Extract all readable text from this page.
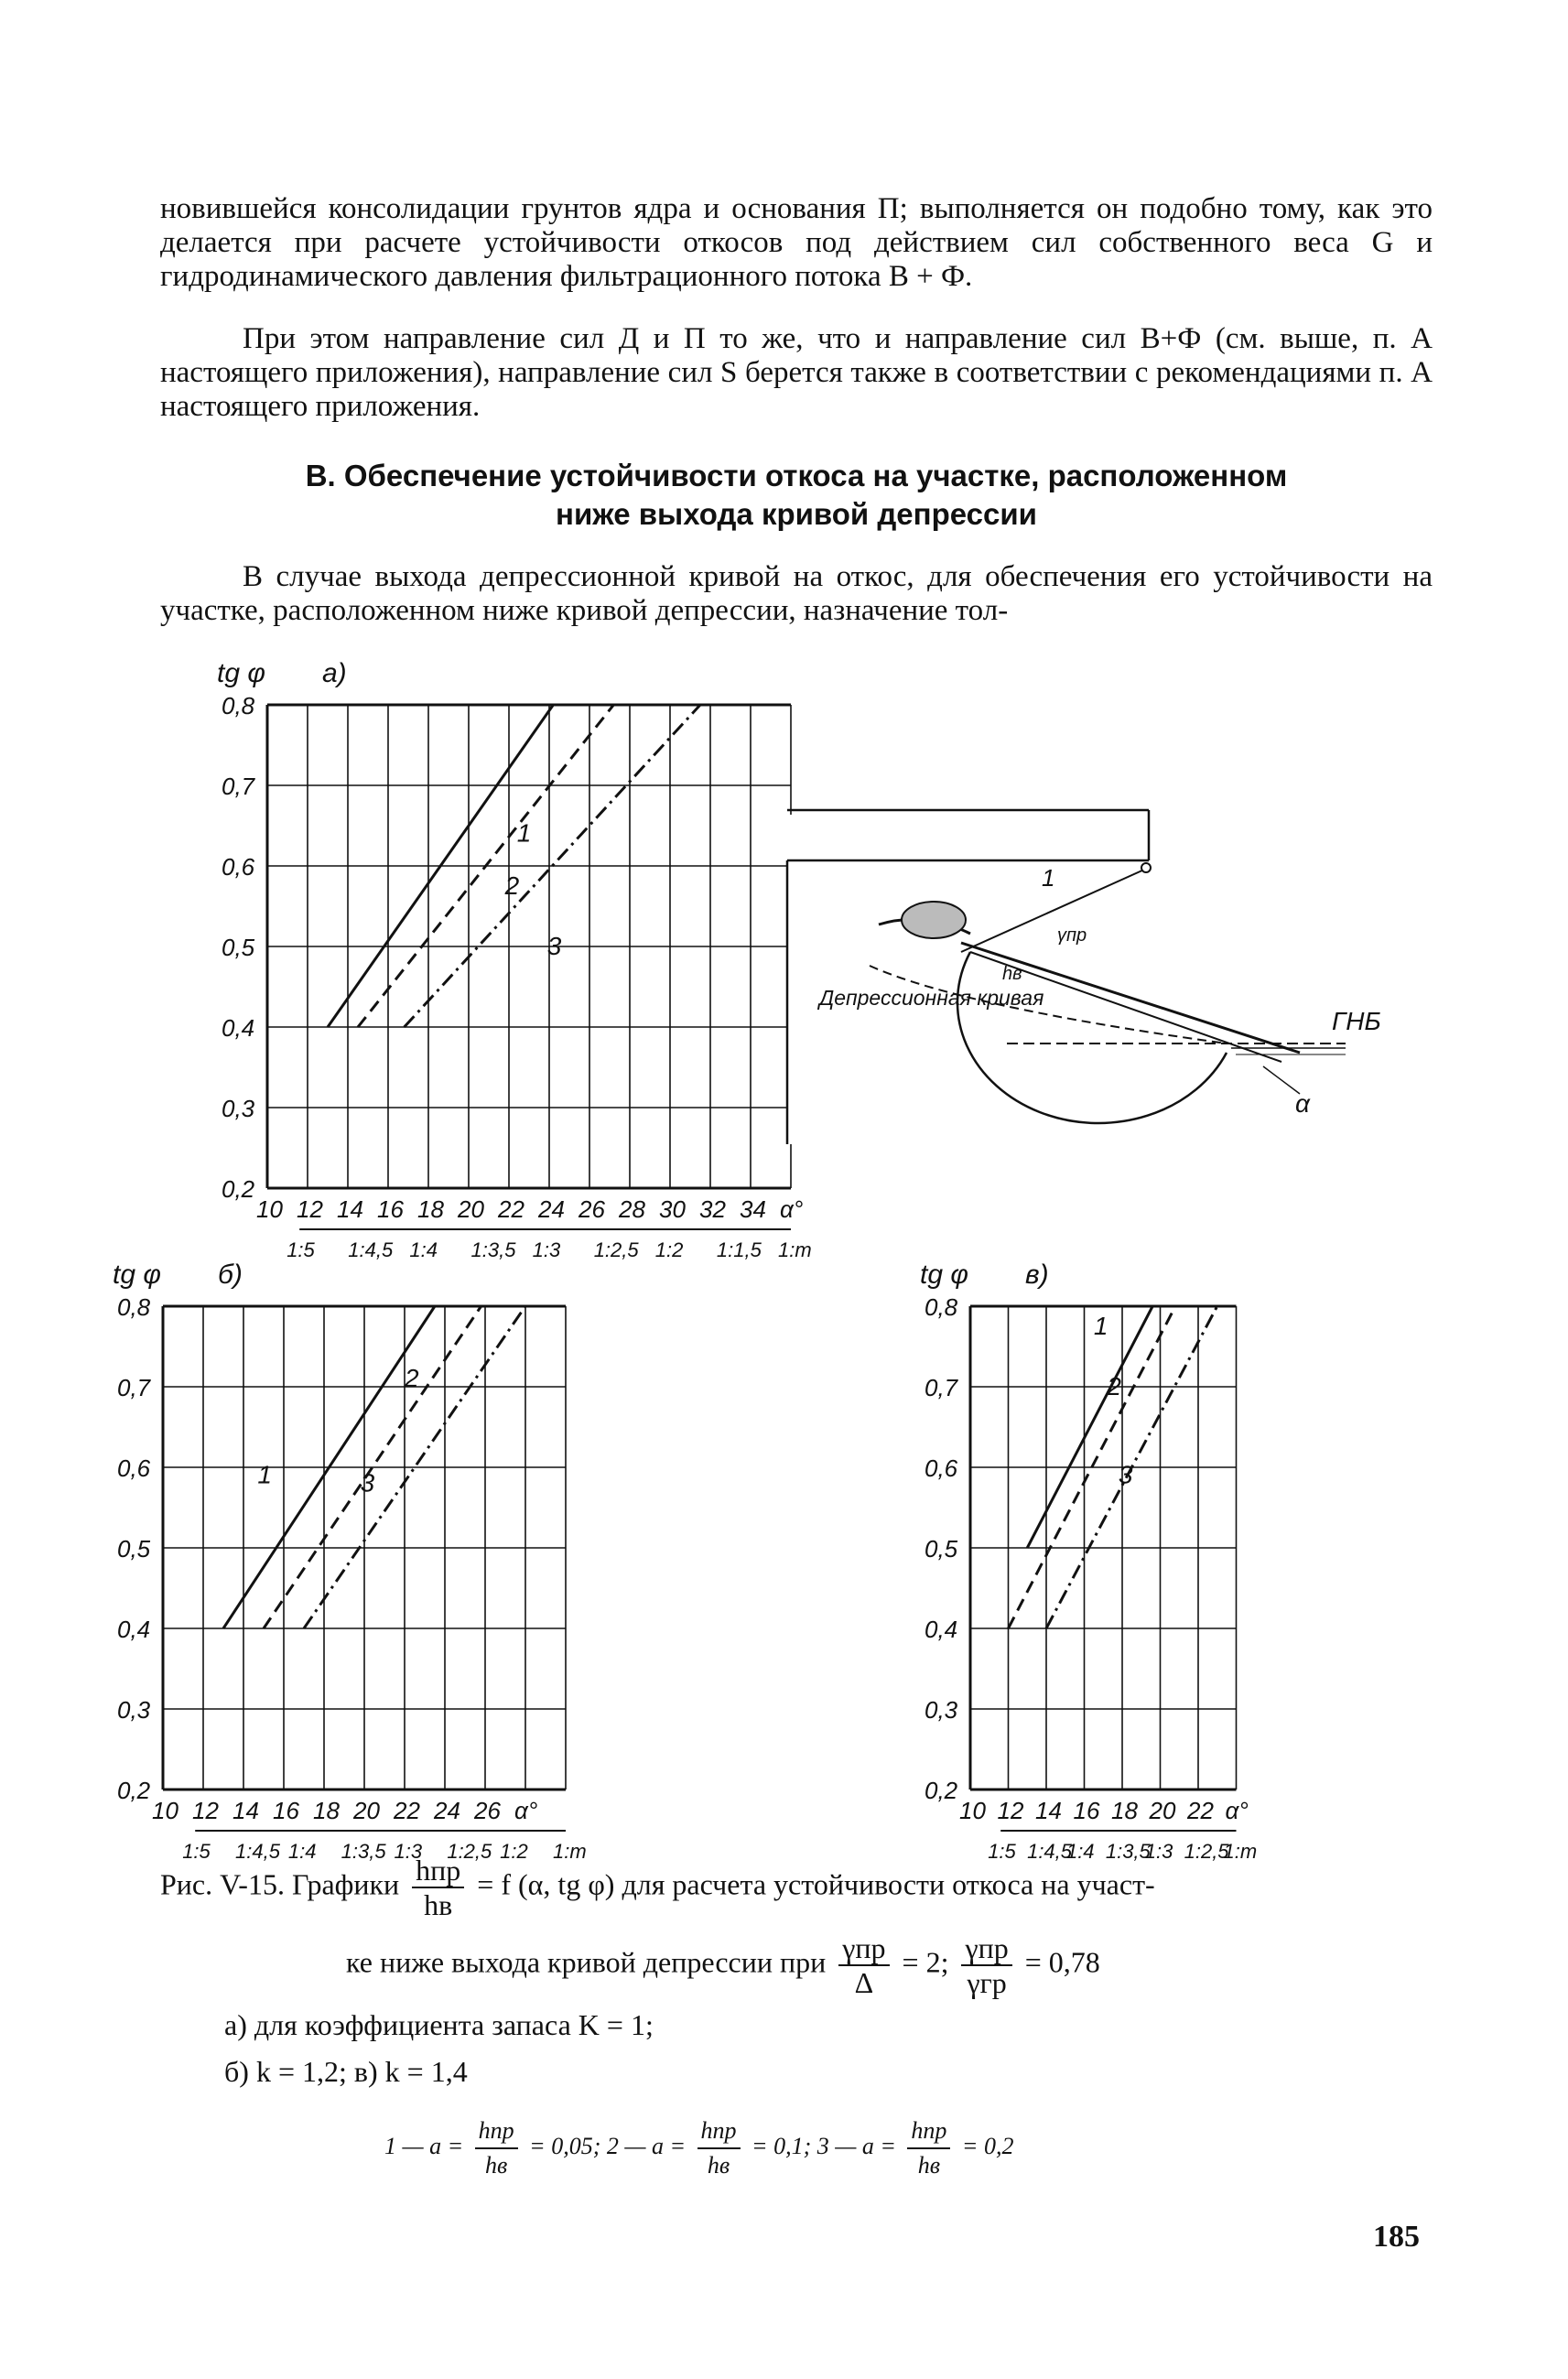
новившейся консолидации грунтов ядра и основания П; выполняется он подобно тому, как это делается при расчете устойчивости откосов под действием сил собственного веса G и гидродинамического давления фильтрационного потока В + Ф.
При этом направление сил Д и П то же, что и направление сил В+Ф (см. выше, п. А настоящего приложения), направление сил S берется также в соответствии с рекомендациями п. А настоящего приложения.
В. Обеспечение устойчивости откоса на участке, расположенном
ниже выхода кривой депрессии
В случае выхода депрессионной кривой на откос, для обеспечения его устойчивости на участке, расположенном ниже кривой депрессии, назначение тол-
0,2
0,3
0,4
0,5
0,6
0,7
0,8
10 12 14 16 18 20 22 24 26 28 30 32 34 α°
1:5 1:4,5 1:4 1:3,5 1:3 1:2,5 1:2 1:1,5 1:m
tg φ а)
1
2
3
0,2
0,3
0,4
0,5
0,6
0,7
0,8
10 12 14 16 18 20 22 24 26 α°
1:5 1:4,5 1:4 1:3,5 1:3 1:2,5 1:2 1:m
tg φ б)
1
2
3
0,2
0,3
0,4
0,5
0,6
0,7
0,8
10 12 14 16 18 20 22 α°
1:5 1:4,5
1:4 1:3,5
1:3 1:2,5
1:m
tg φ в)
1
2
3
1
γпр
hв
Депрессионная кривая
ГНБ
α
Рис. V-15. Графики $\frac{\text{hпр}}{hв} = f$ (α, tg φ) для расчета устойчивости откоса на участ-
ке ниже выхода кривой депрессии при $\frac{\text{γпр}}{\Delta} = 2$; $\frac{\text{γпр}}{\text{γгр}} = 0,78$
а) для коэффициента запаса K = 1;
б) k = 1,2; в) k = 1,4
1 — $a = \frac{\text{hпр}}{hв} = 0,05$; 2 — $a = \frac{\text{hпр}}{hв} = 0,1$; 3 — $a = \frac{\text{hпр}}{hв} = 0,2$
185
